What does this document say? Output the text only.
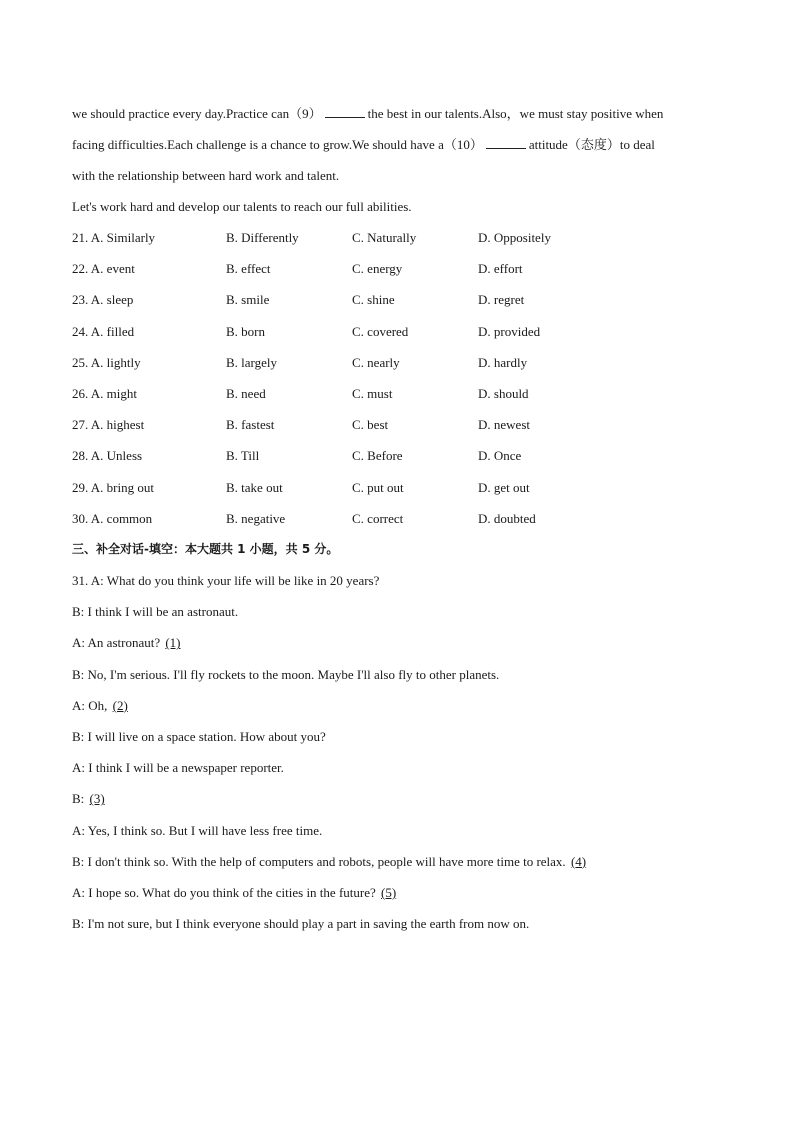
we should practice every day.Practice can（9）	the best in our talents.Also，we must stay positive when
facing difficulties.Each challenge is a chance to grow.We should have a（10）	attitude（态度）to deal
with the relationship between hard work and talent.
Let's work hard and develop our talents to reach our full abilities.
21. A. Similarly	B. Differently	C. Naturally	D. Oppositely
22. A. event	B. effect	C. energy	D. effort
23. A. sleep	B. smile	C. shine	D. regret
24. A. filled	B. born	C. covered	D. provided
25. A. lightly	B. largely	C. nearly	D. hardly
26. A. might	B. need	C. must	D. should
27. A. highest	B. fastest	C. best	D. newest
28. A. Unless	B. Till	C. Before	D. Once
29. A. bring out	B. take out	C. put out	D. get out
30. A. common	B. negative	C. correct	D. doubted
三、补全对话-填空：本大题共 1 小题，共 5 分。
31. A: What do you think your life will be like in 20 years?
B: I think I will be an astronaut.
A: An astronaut? (1)
B: No, I'm serious. I'll fly rockets to the moon. Maybe I'll also fly to other planets.
A: Oh, (2)
B: I will live on a space station. How about you?
A: I think I will be a newspaper reporter.
B: (3)
A: Yes, I think so. But I will have less free time.
B: I don't think so. With the help of computers and robots, people will have more time to relax. (4)
A: I hope so. What do you think of the cities in the future? (5)
B: I'm not sure, but I think everyone should play a part in saving the earth from now on.
